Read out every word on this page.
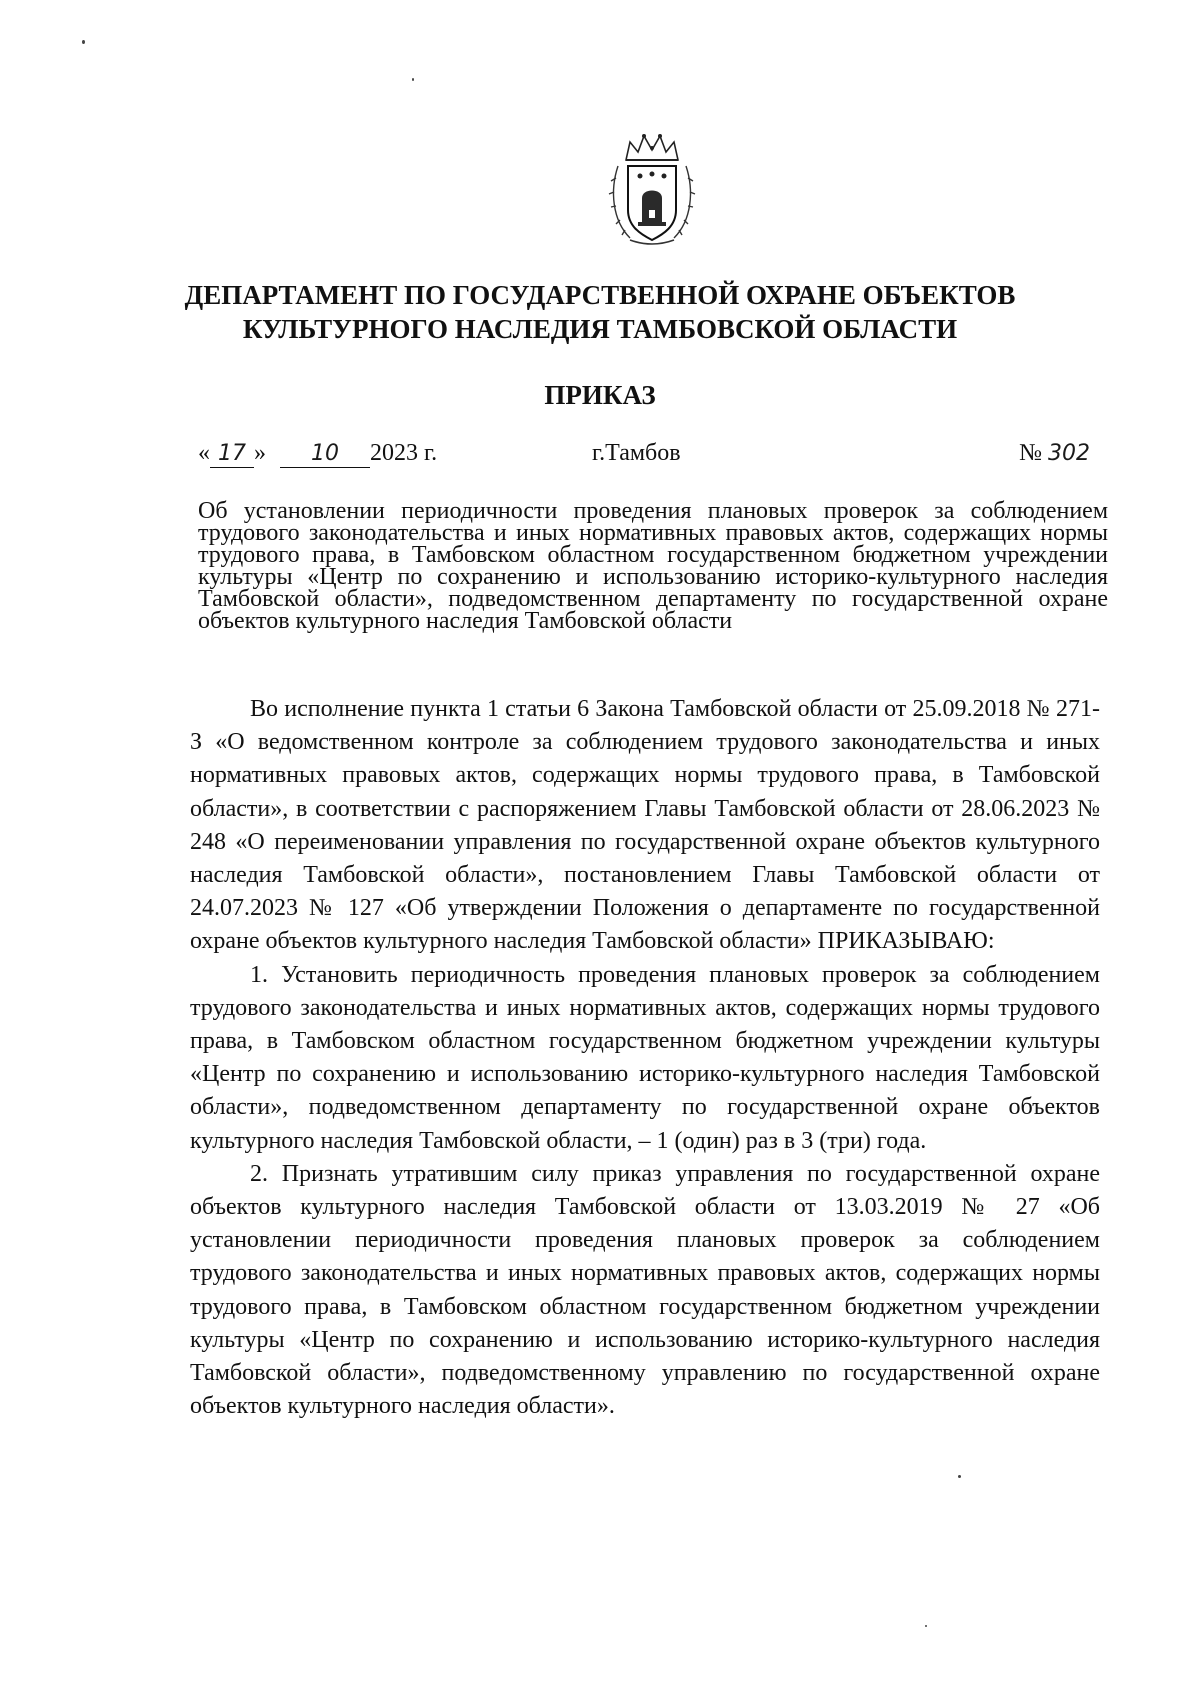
ДЕПАРТАМЕНТ ПО ГОСУДАРСТВЕННОЙ ОХРАНЕ ОБЪЕКТОВ КУЛЬТУРНОГО НАСЛЕДИЯ ТАМБОВСКОЙ ОБЛАСТИ
ПРИКАЗ
« 17 » 10 2023 г.	г.Тамбов	№ 302
Об установлении периодичности проведения плановых проверок за соблюдением трудового законодательства и иных нормативных правовых актов, содержащих нормы трудового права, в Тамбовском областном государственном бюджетном учреждении культуры «Центр по сохранению и использованию историко-культурного наследия Тамбовской области», подведомственном департаменту по государственной охране объектов культурного наследия Тамбовской области

Во исполнение пункта 1 статьи 6 Закона Тамбовской области от 25.09.2018 № 271-З «О ведомственном контроле за соблюдением трудового законодательства и иных нормативных правовых актов, содержащих нормы трудового права, в Тамбовской области», в соответствии с распоряжением Главы Тамбовской области от 28.06.2023 № 248 «О переименовании управления по государственной охране объектов культурного наследия Тамбовской области», постановлением Главы Тамбовской области от 24.07.2023 № 127 «Об утверждении Положения о департаменте по государственной охране объектов культурного наследия Тамбовской области» ПРИКАЗЫВАЮ:

1. Установить периодичность проведения плановых проверок за соблюдением трудового законодательства и иных нормативных актов, содержащих нормы трудового права, в Тамбовском областном государственном бюджетном учреждении культуры «Центр по сохранению и использованию историко-культурного наследия Тамбовской области», подведомственном департаменту по государственной охране объектов культурного наследия Тамбовской области, – 1 (один) раз в 3 (три) года.

2. Признать утратившим силу приказ управления по государственной охране объектов культурного наследия Тамбовской области от 13.03.2019 № 27 «Об установлении периодичности проведения плановых проверок за соблюдением трудового законодательства и иных нормативных правовых актов, содержащих нормы трудового права, в Тамбовском областном государственном бюджетном учреждении культуры «Центр по сохранению и использованию историко-культурного наследия Тамбовской области», подведомственному управлению по государственной охране объектов культурного наследия области».
